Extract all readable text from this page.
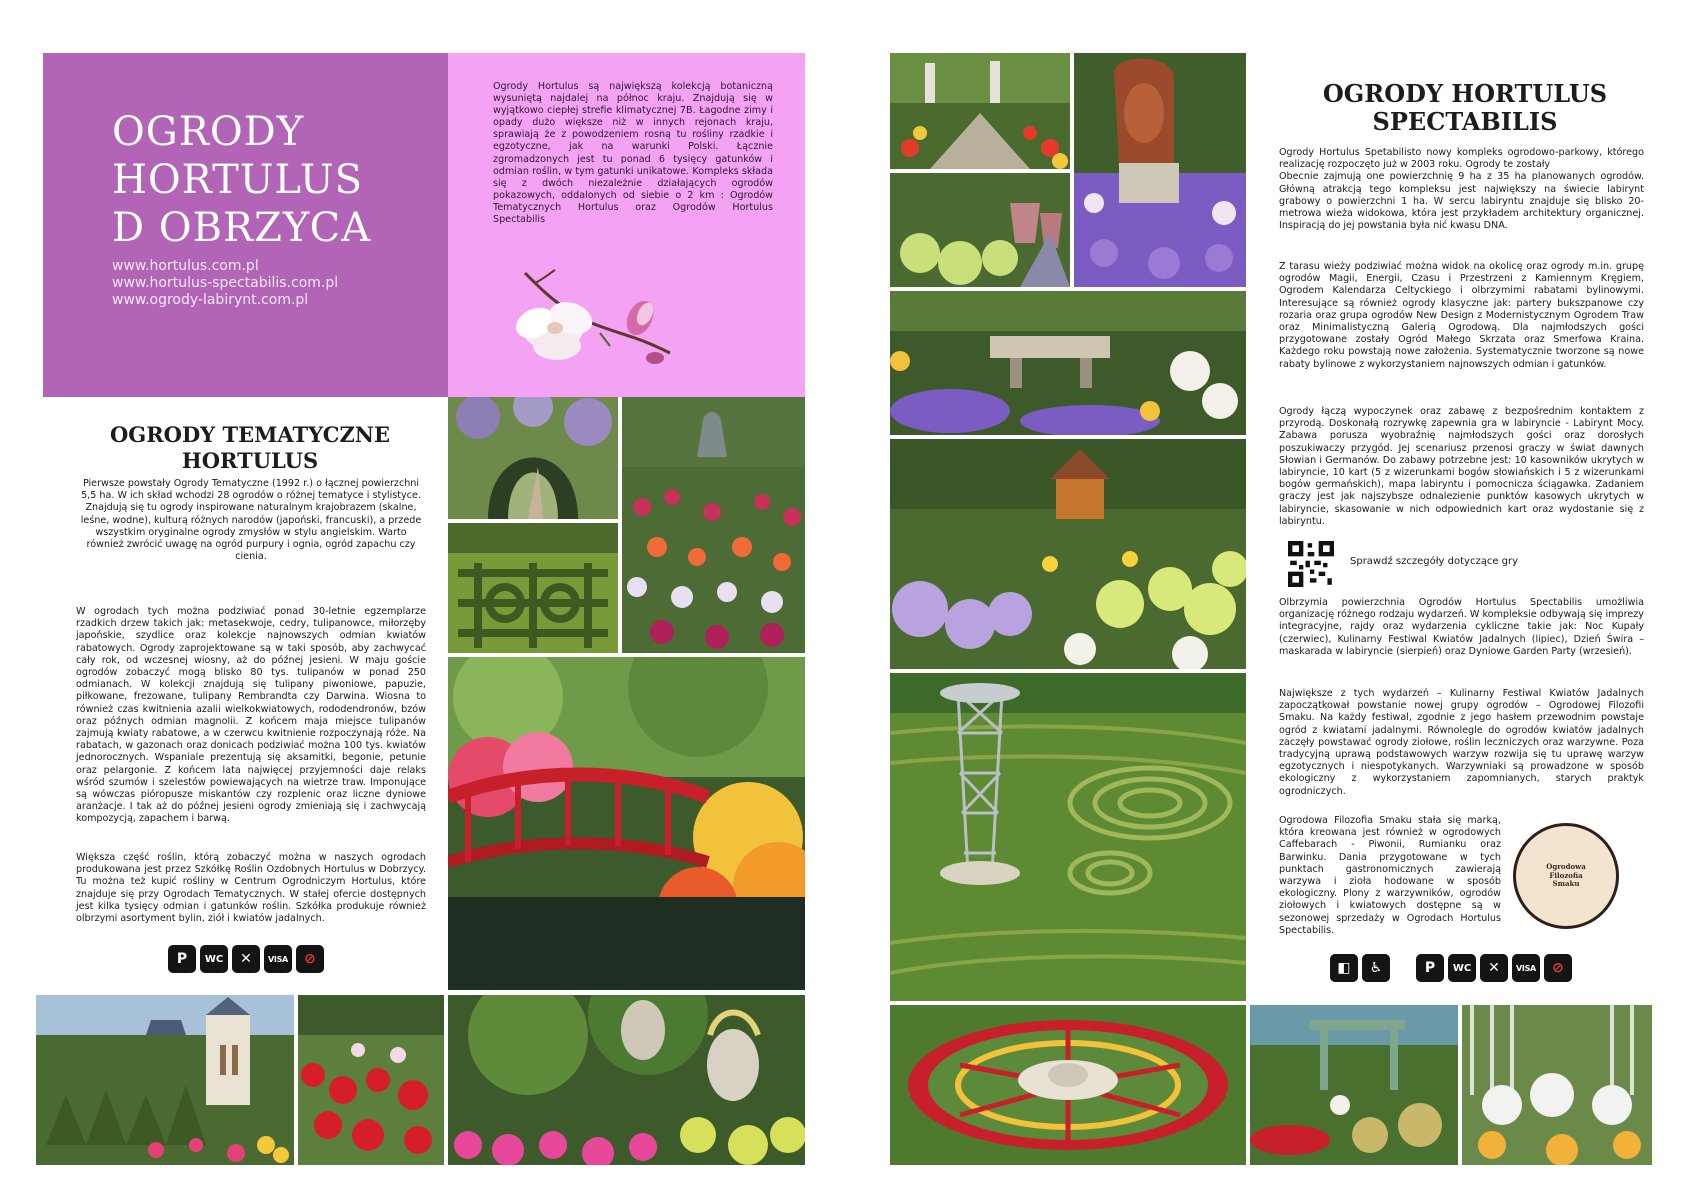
OGRODY
HORTULUS
D OBRZYCA
www.hortulus.com.pl
www.hortulus-spectabilis.com.pl
www.ogrody-labirynt.com.pl
Ogrody Hortulus są największą kolekcją botaniczną wysuniętą najdalej na północ kraju. Znajdują się w wyjątkowo ciepłej strefie klimatycznej 7B. Łagodne zimy i opady dużo większe niż w innych rejonach kraju, sprawiają że z powodzeniem rosną tu rośliny rzadkie i egzotyczne, jak na warunki Polski. Łącznie zgromadzonych jest tu ponad 6 tysięcy gatunków i odmian roślin, w tym gatunki unikatowe. Kompleks składa się z dwóch niezależnie działających ogrodów pokazowych, oddalonych od siebie o 2 km : Ogrodów Tematycznych Hortulus oraz Ogrodów Hortulus Spectabilis
OGRODY TEMATYCZNE HORTULUS
Pierwsze powstały Ogrody Tematyczne (1992 r.) o łącznej powierzchni 5,5 ha. W ich skład wchodzi 28 ogrodów o różnej tematyce i stylistyce. Znajdują się tu ogrody inspirowane naturalnym krajobrazem (skalne, leśne, wodne), kulturą różnych narodów (japoński, francuski), a przede wszystkim oryginalne ogrody zmysłów w stylu angielskim. Warto również zwrócić uwagę na ogród purpury i ognia, ogród zapachu czy cienia.
W ogrodach tych można podziwiać ponad 30-letnie egzemplarze rzadkich drzew takich jak: metasekwoje, cedry, tulipanowce, miłorzęby japońskie, szydlice oraz kolekcje najnowszych odmian kwiatów rabatowych. Ogrody zaprojektowane są w taki sposób, aby zachwycać cały rok, od wczesnej wiosny, aż do późnej jesieni. W maju goście ogrodów zobaczyć mogą blisko 80 tys. tulipanów w ponad 250 odmianach. W kolekcji znajdują się tulipany piwoniowe, papuzie, piłkowane, frezowane, tulipany Rembrandta czy Darwina. Wiosna to również czas kwitnienia azalii wielkokwiatowych, rododendronów, bzów oraz późnych odmian magnolii. Z końcem maja miejsce tulipanów zajmują kwiaty rabatowe, a w czerwcu kwitnienie rozpoczynają róże. Na rabatach, w gazonach oraz donicach podziwiać można 100 tys. kwiatów jednorocznych. Wspaniale prezentują się aksamitki, begonie, petunie oraz pelargonie. Z końcem lata najwięcej przyjemności daje relaks wśród szumów i szelestów powiewających na wietrze traw. Imponujące są wówczas pióropusze miskantów czy rozplenic oraz liczne dyniowe aranżacje. I tak aż do późnej jesieni ogrody zmieniają się i zachwycają kompozycją, zapachem i barwą.
Większa część roślin, którą zobaczyć można w naszych ogrodach produkowana jest przez Szkółkę Roślin Ozdobnych Hortulus w Dobrzycy. Tu można też kupić rośliny w Centrum Ogrodniczym Hortulus, które znajduje się przy Ogrodach Tematycznych. W stałej ofercie dostępnych jest kilka tysięcy odmian i gatunków roślin. Szkółka produkuje również olbrzymi asortyment bylin, ziół i kwiatów jadalnych.
P	WC	✕	VISA	⊘
OGRODY HORTULUS SPECTABILIS
Ogrody Hortulus Spetabilisto nowy kompleks ogrodowo-parkowy, którego realizację rozpoczęto już w 2003 roku. Ogrody te zostały
Obecnie zajmują one powierzchnię 9 ha z 35 ha planowanych ogrodów. Główną atrakcją tego kompleksu jest największy na świecie labirynt grabowy o powierzchni 1 ha. W sercu labiryntu znajduje się blisko 20-metrowa wieża widokowa, która jest przykładem architektury organicznej. Inspiracją do jej powstania była nić kwasu DNA.
Z tarasu wieży podziwiać można widok na okolicę oraz ogrody m.in. grupę ogrodów Magii, Energii, Czasu i Przestrzeni z Kamiennym Kręgiem, Ogrodem Kalendarza Celtyckiego i olbrzymimi rabatami bylinowymi. Interesujące są również ogrody klasyczne jak: partery bukszpanowe czy rozaria oraz grupa ogrodów New Design z Modernistycznym Ogrodem Traw oraz Minimalistyczną Galerią Ogrodową. Dla najmłodszych gości przygotowane zostały Ogród Małego Skrzata oraz Smerfowa Kraina. Każdego roku powstają nowe założenia. Systematycznie tworzone są nowe rabaty bylinowe z wykorzystaniem najnowszych odmian i gatunków.
Ogrody łączą wypoczynek oraz zabawę z bezpośrednim kontaktem z przyrodą. Doskonałą rozrywkę zapewnia gra w labiryncie - Labirynt Mocy. Zabawa porusza wyobraźnię najmłodszych gości oraz dorosłych poszukiwaczy przygód. Jej scenariusz przenosi graczy w świat dawnych Słowian i Germanów. Do zabawy potrzebne jest: 10 kasowników ukrytych w labiryncie, 10 kart (5 z wizerunkami bogów słowiańskich i 5 z wizerunkami bogów germańskich), mapa labiryntu i pomocnicza ściągawka. Zadaniem graczy jest jak najszybsze odnalezienie punktów kasowych ukrytych w labiryncie, skasowanie w nich odpowiednich kart oraz wydostanie się z labiryntu.
Sprawdź szczegóły dotyczące gry
Olbrzymia powierzchnia Ogrodów Hortulus Spectabilis umożliwia organizację różnego rodzaju wydarzeń. W kompleksie odbywają się imprezy integracyjne, rajdy oraz wydarzenia cykliczne takie jak: Noc Kupały (czerwiec), Kulinarny Festiwal Kwiatów Jadalnych (lipiec), Dzień Świra – maskarada w labiryncie (sierpień) oraz Dyniowe Garden Party (wrzesień).
Największe z tych wydarzeń – Kulinarny Festiwal Kwiatów Jadalnych zapoczątkował powstanie nowej grupy ogrodów – Ogrodowej Filozofii Smaku. Na każdy festiwal, zgodnie z jego hasłem przewodnim powstaje ogród z kwiatami jadalnymi. Równolegle do ogrodów kwiatów jadalnych zaczęły powstawać ogrody ziołowe, roślin leczniczych oraz warzywne. Poza tradycyjną uprawą podstawowych warzyw rozwija się tu uprawę warzyw egzotycznych i niespotykanych. Warzywniaki są prowadzone w sposób ekologiczny z wykorzystaniem zapomnianych, starych praktyk ogrodniczych.
Ogrodowa Filozofia Smaku stała się marką, która kreowana jest również w ogrodowych Caffebarach - Piwonii, Rumianku oraz Barwinku. Dania przygotowane w tych punktach gastronomicznych zawierają warzywa i zioła hodowane w sposób ekologiczny. Plony z warzywników, ogrodów ziołowych i kwiatowych dostępne są w sezonowej sprzedaży w Ogrodach Hortulus Spectabilis.
Ogrodowa
Filozofia
Smaku
◧	♿	P	WC	✕	VISA	⊘
